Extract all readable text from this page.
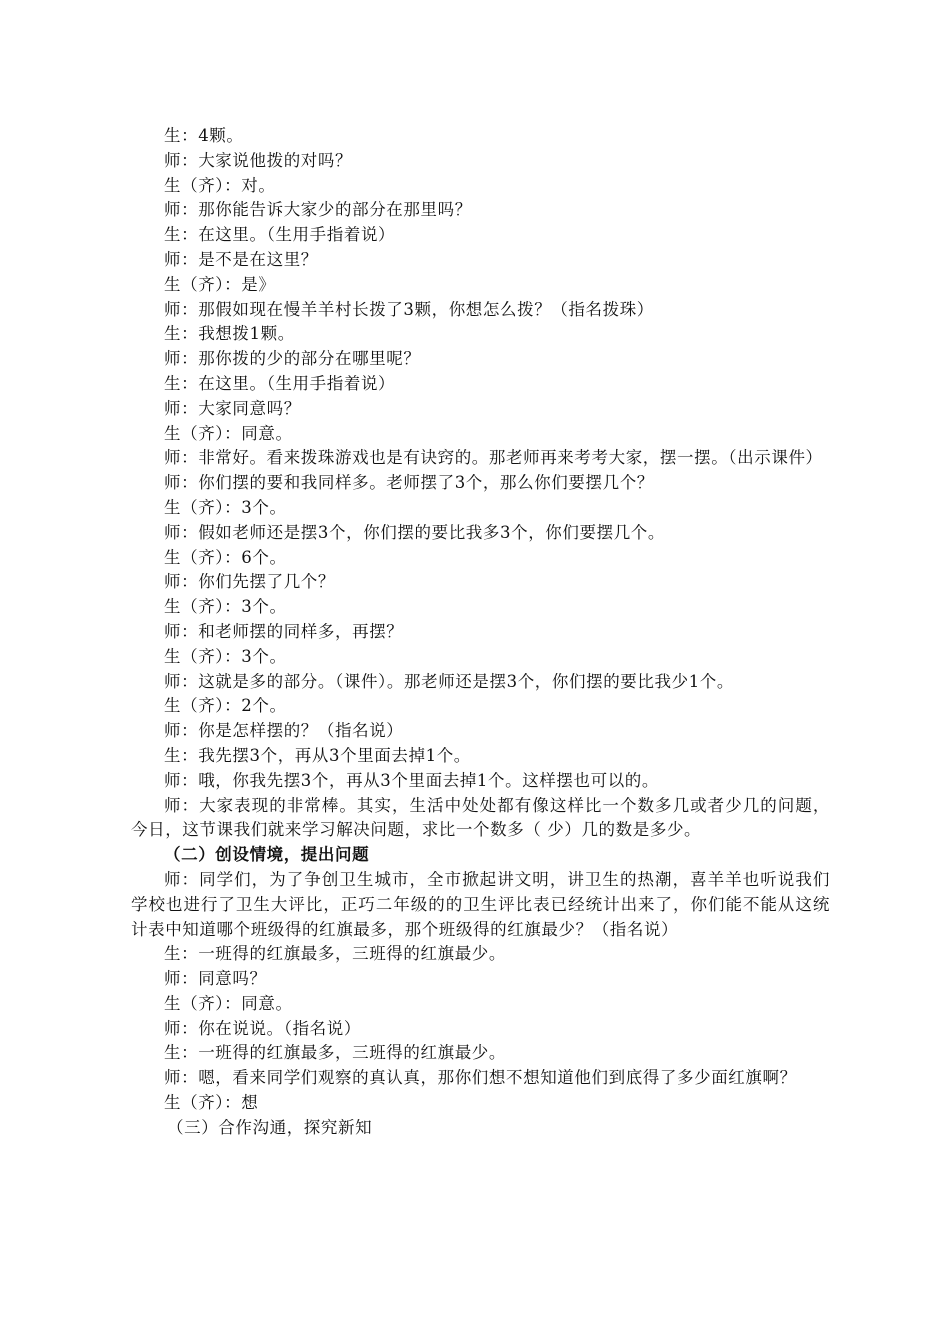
生：4颗。

师：大家说他拨的对吗？

生（齐）：对。

师：那你能告诉大家少的部分在那里吗？

生：在这里。（生用手指着说）

师：是不是在这里？

生（齐）：是》

师：那假如现在慢羊羊村长拨了3颗，你想怎么拨？（指名拨珠）

生：我想拨1颗。

师：那你拨的少的部分在哪里呢？

生：在这里。（生用手指着说）

师：大家同意吗？

生（齐）：同意。

师：非常好。看来拨珠游戏也是有诀窍的。那老师再来考考大家，摆一摆。（出示课件）

师：你们摆的要和我同样多。老师摆了3个，那么你们要摆几个？

生（齐）：3个。

师：假如老师还是摆3个，你们摆的要比我多3个，你们要摆几个。

生（齐）：6个。

师：你们先摆了几个？

生（齐）：3个。

师：和老师摆的同样多，再摆？

生（齐）：3个。

师：这就是多的部分。（课件）。那老师还是摆3个，你们摆的要比我少1个。

生（齐）：2个。

师：你是怎样摆的？（指名说）

生：我先摆3个，再从3个里面去掉1个。

师：哦，你我先摆3个，再从3个里面去掉1个。这样摆也可以的。

师：大家表现的非常棒。其实，生活中处处都有像这样比一个数多几或者少几的问题，今日，这节课我们就来学习解决问题，求比一个数多（ 少）几的数是多少。

（二）创设情境，提出问题

师：同学们，为了争创卫生城市，全市掀起讲文明，讲卫生的热潮，喜羊羊也听说我们学校也进行了卫生大评比，正巧二年级的的卫生评比表已经统计出来了，你们能不能从这统计表中知道哪个班级得的红旗最多，那个班级得的红旗最少？（指名说）

生：一班得的红旗最多，三班得的红旗最少。

师：同意吗？

生（齐）：同意。

师：你在说说。（指名说）

生：一班得的红旗最多，三班得的红旗最少。

师：嗯，看来同学们观察的真认真，那你们想不想知道他们到底得了多少面红旗啊？

生（齐）：想

（三）合作沟通，探究新知
